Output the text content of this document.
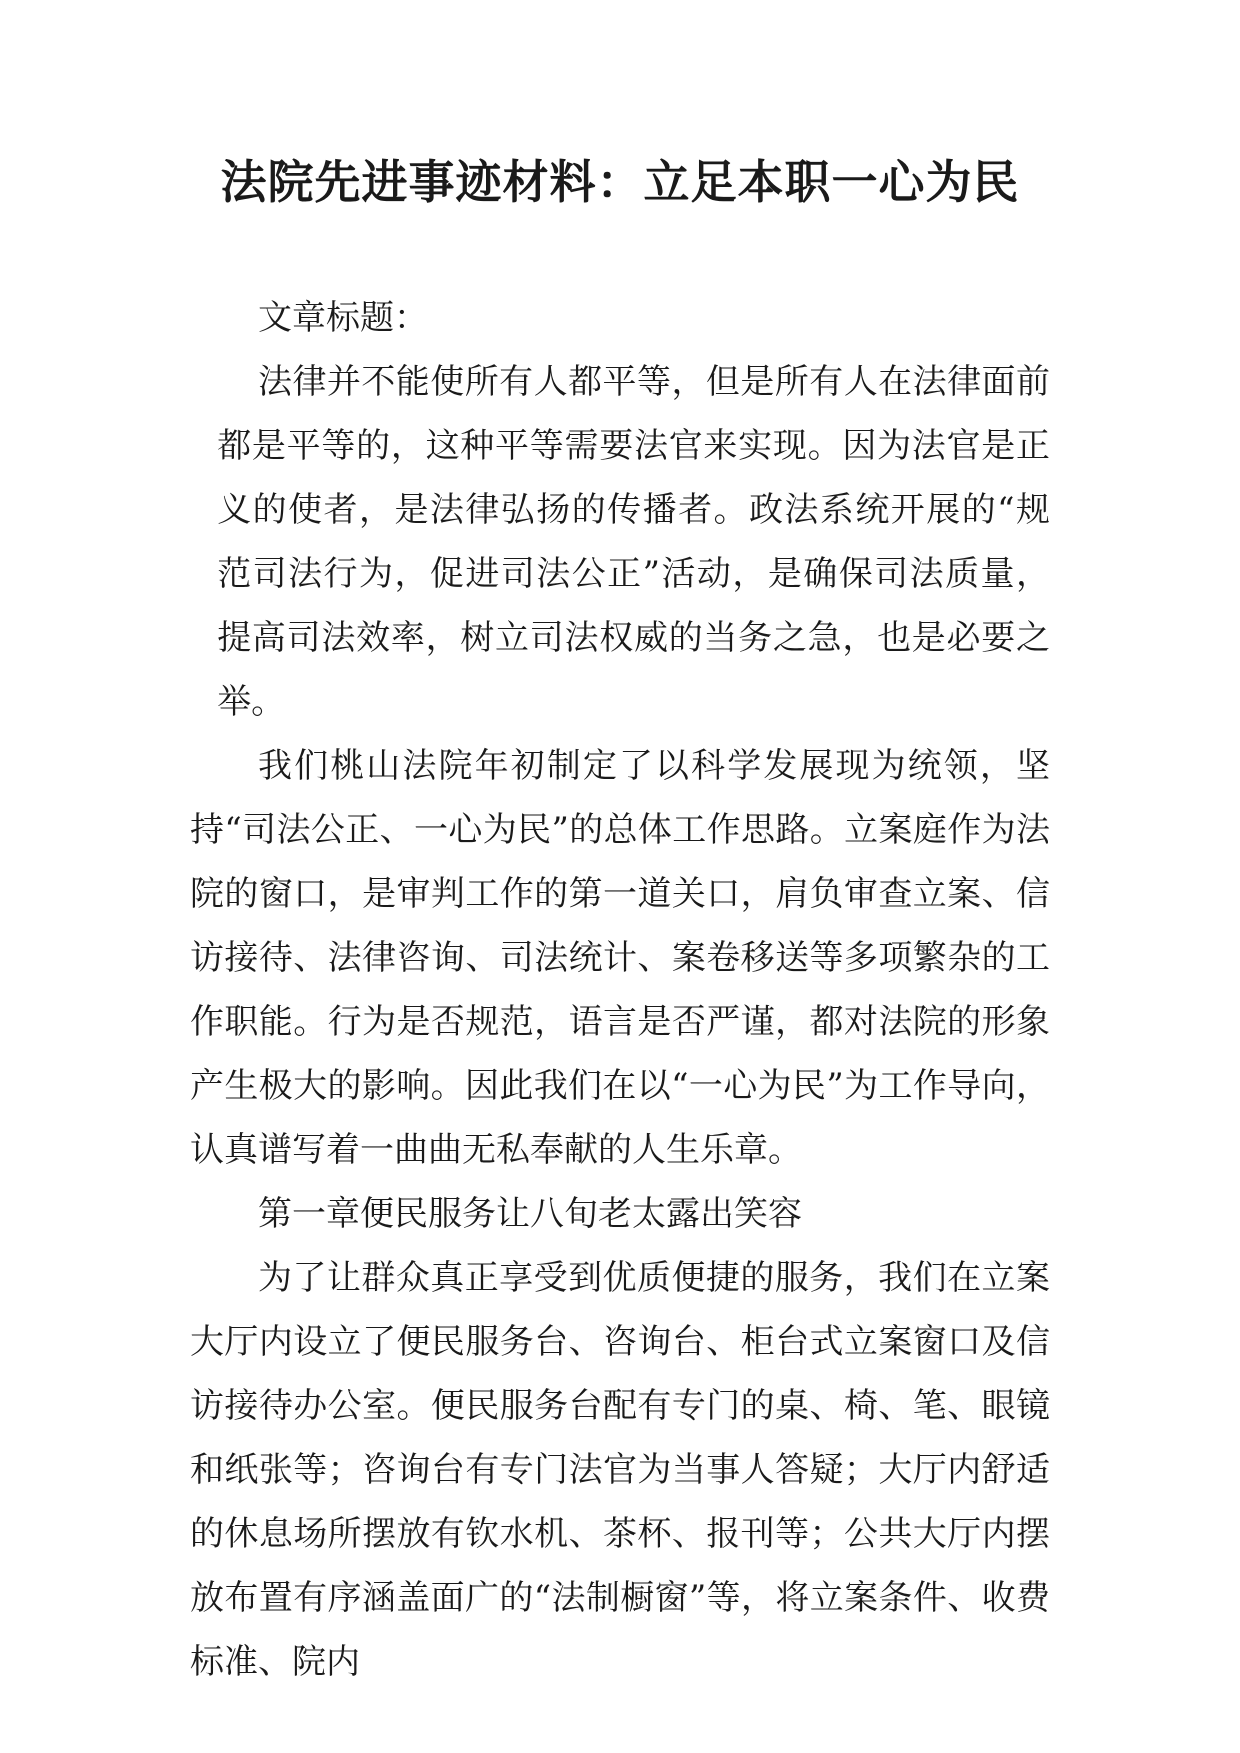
法院先进事迹材料：立足本职一心为民

文章标题：

法律并不能使所有人都平等，但是所有人在法律面前都是平等的，这种平等需要法官来实现。因为法官是正义的使者，是法律弘扬的传播者。政法系统开展的“规范司法行为，促进司法公正”活动，是确保司法质量，提高司法效率，树立司法权威的当务之急，也是必要之举。

我们桃山法院年初制定了以科学发展现为统领，坚持“司法公正、一心为民”的总体工作思路。立案庭作为法院的窗口，是审判工作的第一道关口，肩负审查立案、信访接待、法律咨询、司法统计、案卷移送等多项繁杂的工作职能。行为是否规范，语言是否严谨，都对法院的形象产生极大的影响。因此我们在以“一心为民”为工作导向，认真谱写着一曲曲无私奉献的人生乐章。

第一章便民服务让八旬老太露出笑容

为了让群众真正享受到优质便捷的服务，我们在立案大厅内设立了便民服务台、咨询台、柜台式立案窗口及信访接待办公室。便民服务台配有专门的桌、椅、笔、眼镜和纸张等；咨询台有专门法官为当事人答疑；大厅内舒适的休息场所摆放有钦水机、茶杯、报刊等；公共大厅内摆放布置有序涵盖面广的“法制橱窗”等，将立案条件、收费标准、院内
